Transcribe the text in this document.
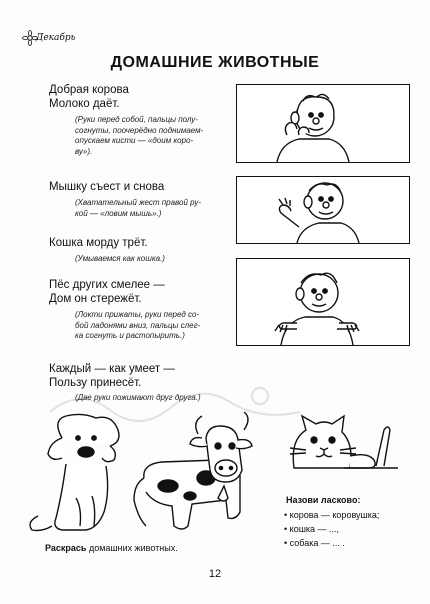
Декабрь
ДОМАШНИЕ ЖИВОТНЫЕ
Добрая корова
Молоко даёт.
(Руки перед собой, пальцы полу-
согнуты, поочерёдно поднимаем-
опускаем кисти — «доим коро-
ву»).
Мышку съест и снова
(Хватательный жест правой ру-
кой — «ловим мышь».)
Кошка морду трёт.
(Умываемся как кошка.)
Пёс других смелее —
Дом он стережёт.
(Локти прижаты, руки перед со-
бой ладонями вниз, пальцы слег-
ка согнуть и растопырить.)
Каждый — как умеет —
Пользу принесёт.
(Две руки пожимают друг друга.)
Раскрась домашних животных.
Назови ласково:
• корова — коровушка;
• кошка — ...,
• собака — ... .
12
